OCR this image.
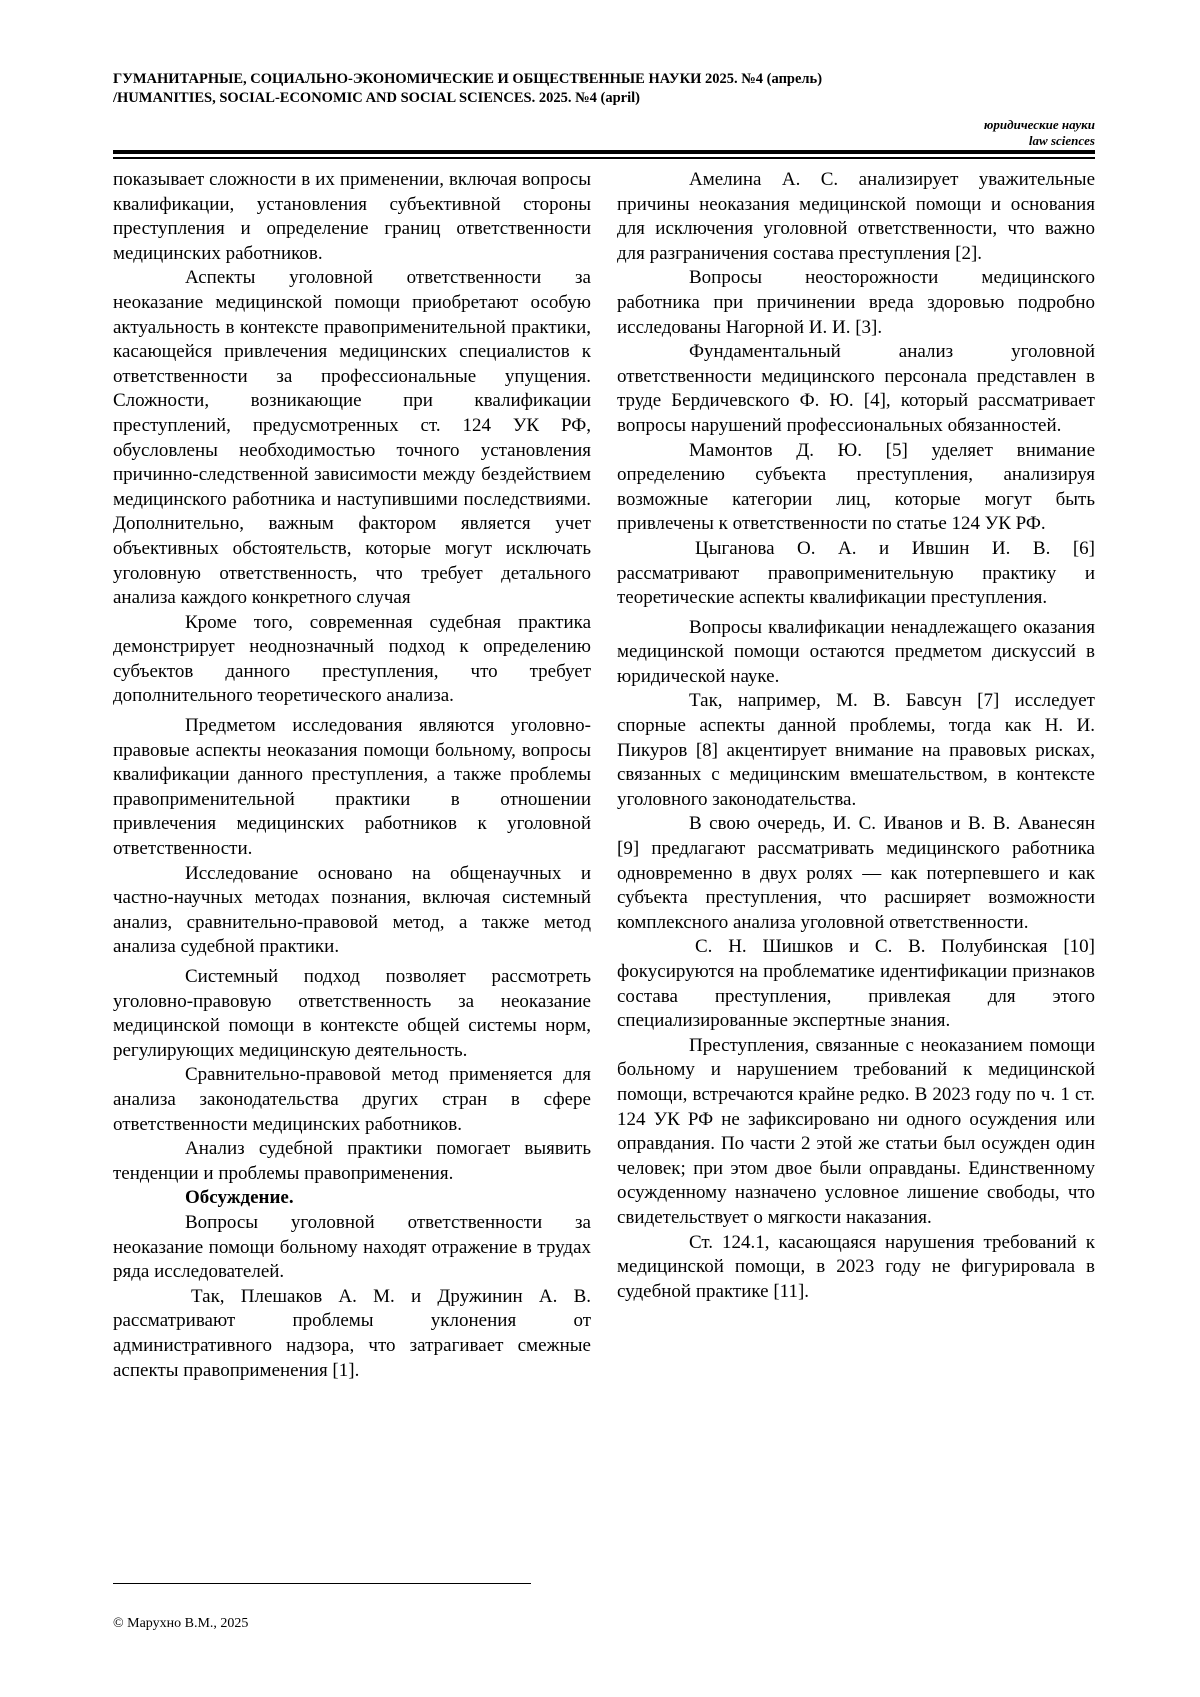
ГУМАНИТАРНЫЕ, СОЦИАЛЬНО-ЭКОНОМИЧЕСКИЕ И ОБЩЕСТВЕННЫЕ НАУКИ 2025. №4 (апрель)
/HUMANITIES, SOCIAL-ECONOMIC AND SOCIAL SCIENCES. 2025. №4 (april)
юридические науки
law sciences

показывает сложности в их применении, включая вопросы квалификации, установления субъективной стороны преступления и определение границ ответственности медицинских работников.

Аспекты уголовной ответственности за неоказание медицинской помощи приобретают особую актуальность в контексте правоприменительной практики, касающейся привлечения медицинских специалистов к ответственности за профессиональные упущения. Сложности, возникающие при квалификации преступлений, предусмотренных ст. 124 УК РФ, обусловлены необходимостью точного установления причинно-следственной зависимости между бездействием медицинского работника и наступившими последствиями. Дополнительно, важным фактором является учет объективных обстоятельств, которые могут исключать уголовную ответственность, что требует детального анализа каждого конкретного случая

Кроме того, современная судебная практика демонстрирует неоднозначный подход к определению субъектов данного преступления, что требует дополнительного теоретического анализа.

Предметом исследования являются уголовно-правовые аспекты неоказания помощи больному, вопросы квалификации данного преступления, а также проблемы правоприменительной практики в отношении привлечения медицинских работников к уголовной ответственности.

Исследование основано на общенаучных и частно-научных методах познания, включая системный анализ, сравнительно-правовой метод, а также метод анализа судебной практики.

Системный подход позволяет рассмотреть уголовно-правовую ответственность за неоказание медицинской помощи в контексте общей системы норм, регулирующих медицинскую деятельность.

Сравнительно-правовой метод применяется для анализа законодательства других стран в сфере ответственности медицинских работников.

Анализ судебной практики помогает выявить тенденции и проблемы правоприменения.

Обсуждение.

Вопросы уголовной ответственности за неоказание помощи больному находят отражение в трудах ряда исследователей.

Так, Плешаков А. М. и Дружинин А. В. рассматривают проблемы уклонения от административного надзора, что затрагивает смежные аспекты правоприменения [1].

Амелина А. С. анализирует уважительные причины неоказания медицинской помощи и основания для исключения уголовной ответственности, что важно для разграничения состава преступления [2].

Вопросы неосторожности медицинского работника при причинении вреда здоровью подробно исследованы Нагорной И. И. [3].

Фундаментальный анализ уголовной ответственности медицинского персонала представлен в труде Бердичевского Ф. Ю. [4], который рассматривает вопросы нарушений профессиональных обязанностей.

Мамонтов Д. Ю. [5] уделяет внимание определению субъекта преступления, анализируя возможные категории лиц, которые могут быть привлечены к ответственности по статье 124 УК РФ.

Цыганова О. А. и Ившин И. В. [6] рассматривают правоприменительную практику и теоретические аспекты квалификации преступления.

Вопросы квалификации ненадлежащего оказания медицинской помощи остаются предметом дискуссий в юридической науке.

Так, например, М. В. Бавсун [7] исследует спорные аспекты данной проблемы, тогда как Н. И. Пикуров [8] акцентирует внимание на правовых рисках, связанных с медицинским вмешательством, в контексте уголовного законодательства.

В свою очередь, И. С. Иванов и В. В. Аванесян [9] предлагают рассматривать медицинского работника одновременно в двух ролях — как потерпевшего и как субъекта преступления, что расширяет возможности комплексного анализа уголовной ответственности.

С. Н. Шишков и С. В. Полубинская [10] фокусируются на проблематике идентификации признаков состава преступления, привлекая для этого специализированные экспертные знания.

Преступления, связанные с неоказанием помощи больному и нарушением требований к медицинской помощи, встречаются крайне редко. В 2023 году по ч. 1 ст. 124 УК РФ не зафиксировано ни одного осуждения или оправдания. По части 2 этой же статьи был осужден один человек; при этом двое были оправданы. Единственному осужденному назначено условное лишение свободы, что свидетельствует о мягкости наказания.

Ст. 124.1, касающаяся нарушения требований к медицинской помощи, в 2023 году не фигурировала в судебной практике [11].

© Марухно В.М., 2025
